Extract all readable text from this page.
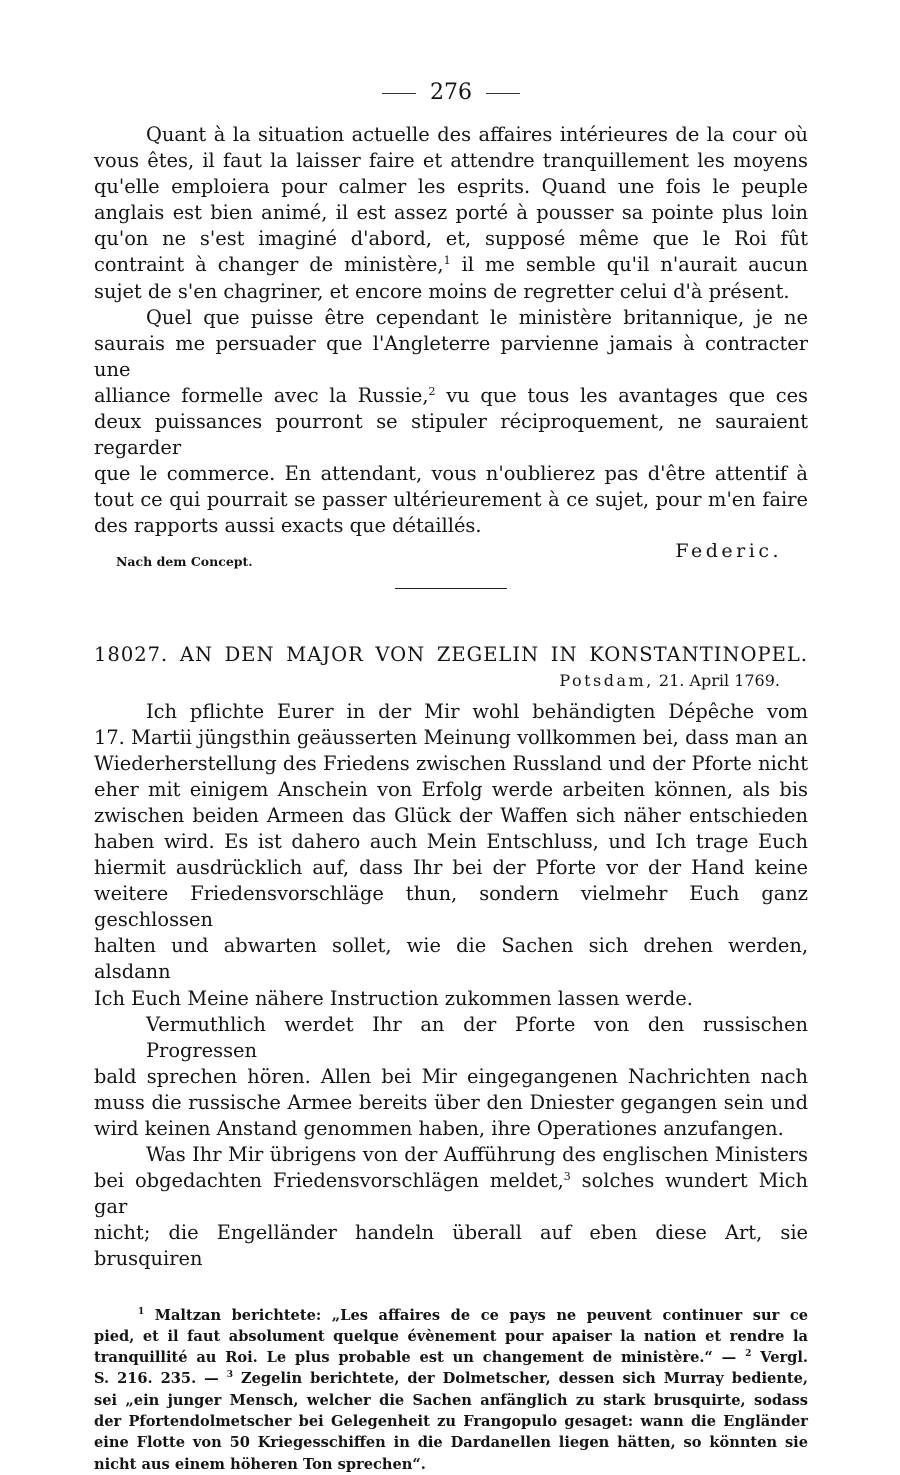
276
Quant à la situation actuelle des affaires intérieures de la cour où
vous êtes, il faut la laisser faire et attendre tranquillement les moyens
qu'elle emploiera pour calmer les esprits. Quand une fois le peuple
anglais est bien animé, il est assez porté à pousser sa pointe plus loin
qu'on ne s'est imaginé d'abord, et, supposé même que le Roi fût
contraint à changer de ministère,$^1$ il me semble qu'il n'aurait aucun
sujet de s'en chagriner, et encore moins de regretter celui d'à présent.
Quel que puisse être cependant le ministère britannique, je ne
saurais me persuader que l'Angleterre parvienne jamais à contracter une
alliance formelle avec la Russie,$^2$ vu que tous les avantages que ces
deux puissances pourront se stipuler réciproquement, ne sauraient regarder
que le commerce. En attendant, vous n'oublierez pas d'être attentif à
tout ce qui pourrait se passer ultérieurement à ce sujet, pour m'en faire
des rapports aussi exacts que détaillés.
Nach dem Concept.	Federic.
18027. AN DEN MAJOR VON ZEGELIN IN KONSTANTINOPEL.
Potsdam, 21. April 1769.
Ich pflichte Eurer in der Mir wohl behändigten Dépêche vom
17. Martii jüngsthin geäusserten Meinung vollkommen bei, dass man an
Wiederherstellung des Friedens zwischen Russland und der Pforte nicht
eher mit einigem Anschein von Erfolg werde arbeiten können, als bis
zwischen beiden Armeen das Glück der Waffen sich näher entschieden
haben wird. Es ist dahero auch Mein Entschluss, und Ich trage Euch
hiermit ausdrücklich auf, dass Ihr bei der Pforte vor der Hand keine
weitere Friedensvorschläge thun, sondern vielmehr Euch ganz geschlossen
halten und abwarten sollet, wie die Sachen sich drehen werden, alsdann
Ich Euch Meine nähere Instruction zukommen lassen werde.
Vermuthlich werdet Ihr an der Pforte von den russischen Progressen
bald sprechen hören. Allen bei Mir eingegangenen Nachrichten nach
muss die russische Armee bereits über den Dniester gegangen sein und
wird keinen Anstand genommen haben, ihre Operationes anzufangen.
Was Ihr Mir übrigens von der Aufführung des englischen Ministers
bei obgedachten Friedensvorschlägen meldet,$^3$ solches wundert Mich gar
nicht; die Engelländer handeln überall auf eben diese Art, sie brusquiren
$^1$ Maltzan berichtete: „Les affaires de ce pays ne peuvent continuer sur ce
pied, et il faut absolument quelque évènement pour apaiser la nation et rendre la
tranquillité au Roi. Le plus probable est un changement de ministère.“ — $^2$ Vergl.
S. 216. 235. — $^3$ Zegelin berichtete, der Dolmetscher, dessen sich Murray bediente,
sei „ein junger Mensch, welcher die Sachen anfänglich zu stark brusquirte, sodass
der Pfortendolmetscher bei Gelegenheit zu Frangopulo gesaget: wann die Engländer
eine Flotte von 50 Kriegesschiffen in die Dardanellen liegen hätten, so könnten sie
nicht aus einem höheren Ton sprechen“.
